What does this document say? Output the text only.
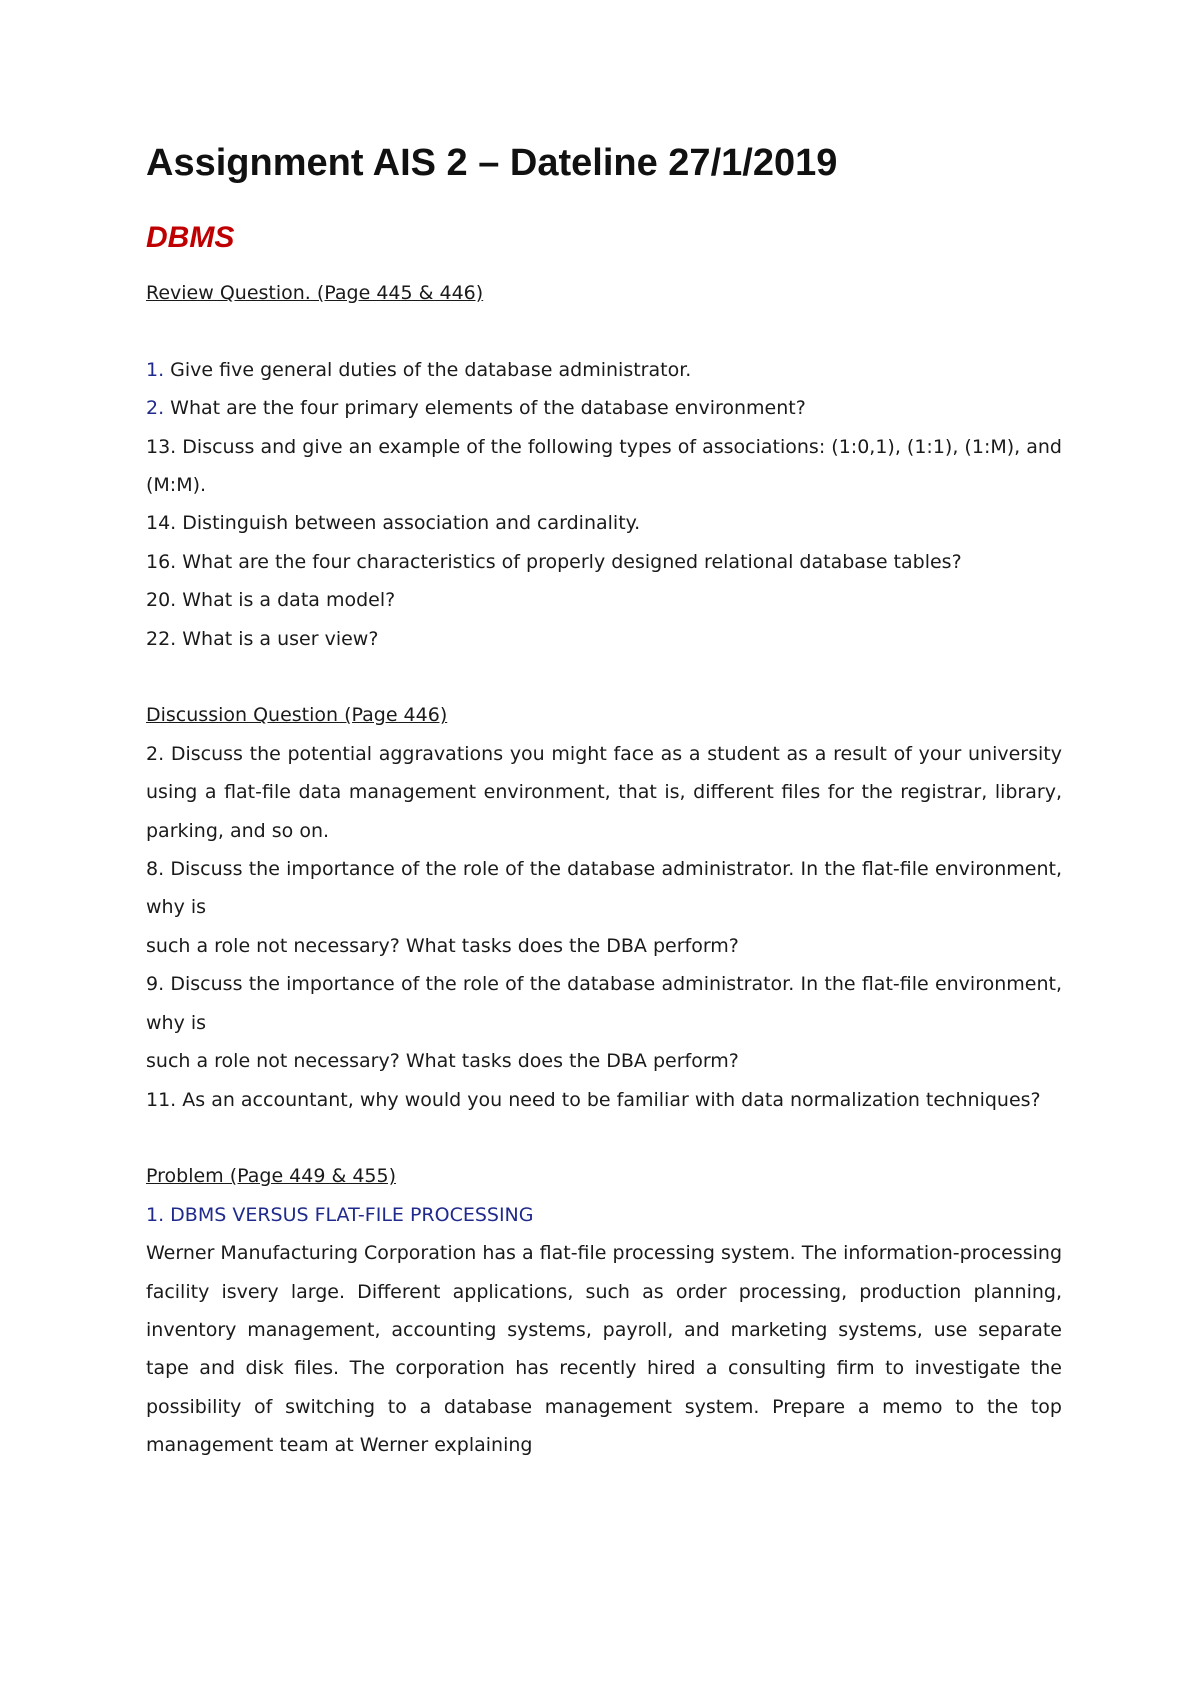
Assignment AIS 2 – Dateline 27/1/2019
DBMS
Review Question. (Page 445 & 446)
1. Give five general duties of the database administrator.
2. What are the four primary elements of the database environment?
13. Discuss and give an example of the following types of associations: (1:0,1), (1:1), (1:M), and (M:M).
14. Distinguish between association and cardinality.
16. What are the four characteristics of properly designed relational database tables?
20. What is a data model?
22. What is a user view?
Discussion Question (Page 446)
2. Discuss the potential aggravations you might face as a student as a result of your university using a flat-file data management environment, that is, different files for the registrar, library, parking, and so on.
8. Discuss the importance of the role of the database administrator. In the flat-file environment, why is
such a role not necessary? What tasks does the DBA perform?
9. Discuss the importance of the role of the database administrator. In the flat-file environment, why is
such a role not necessary? What tasks does the DBA perform?
11. As an accountant, why would you need to be familiar with data normalization techniques?
Problem (Page 449 & 455)
1. DBMS VERSUS FLAT-FILE PROCESSING
Werner Manufacturing Corporation has a flat-file processing system. The information-processing facility isvery large. Different applications, such as order processing, production planning, inventory management, accounting systems, payroll, and marketing systems, use separate tape and disk files. The corporation has recently hired a consulting firm to investigate the possibility of switching to a database management system. Prepare a memo to the top management team at Werner explaining
